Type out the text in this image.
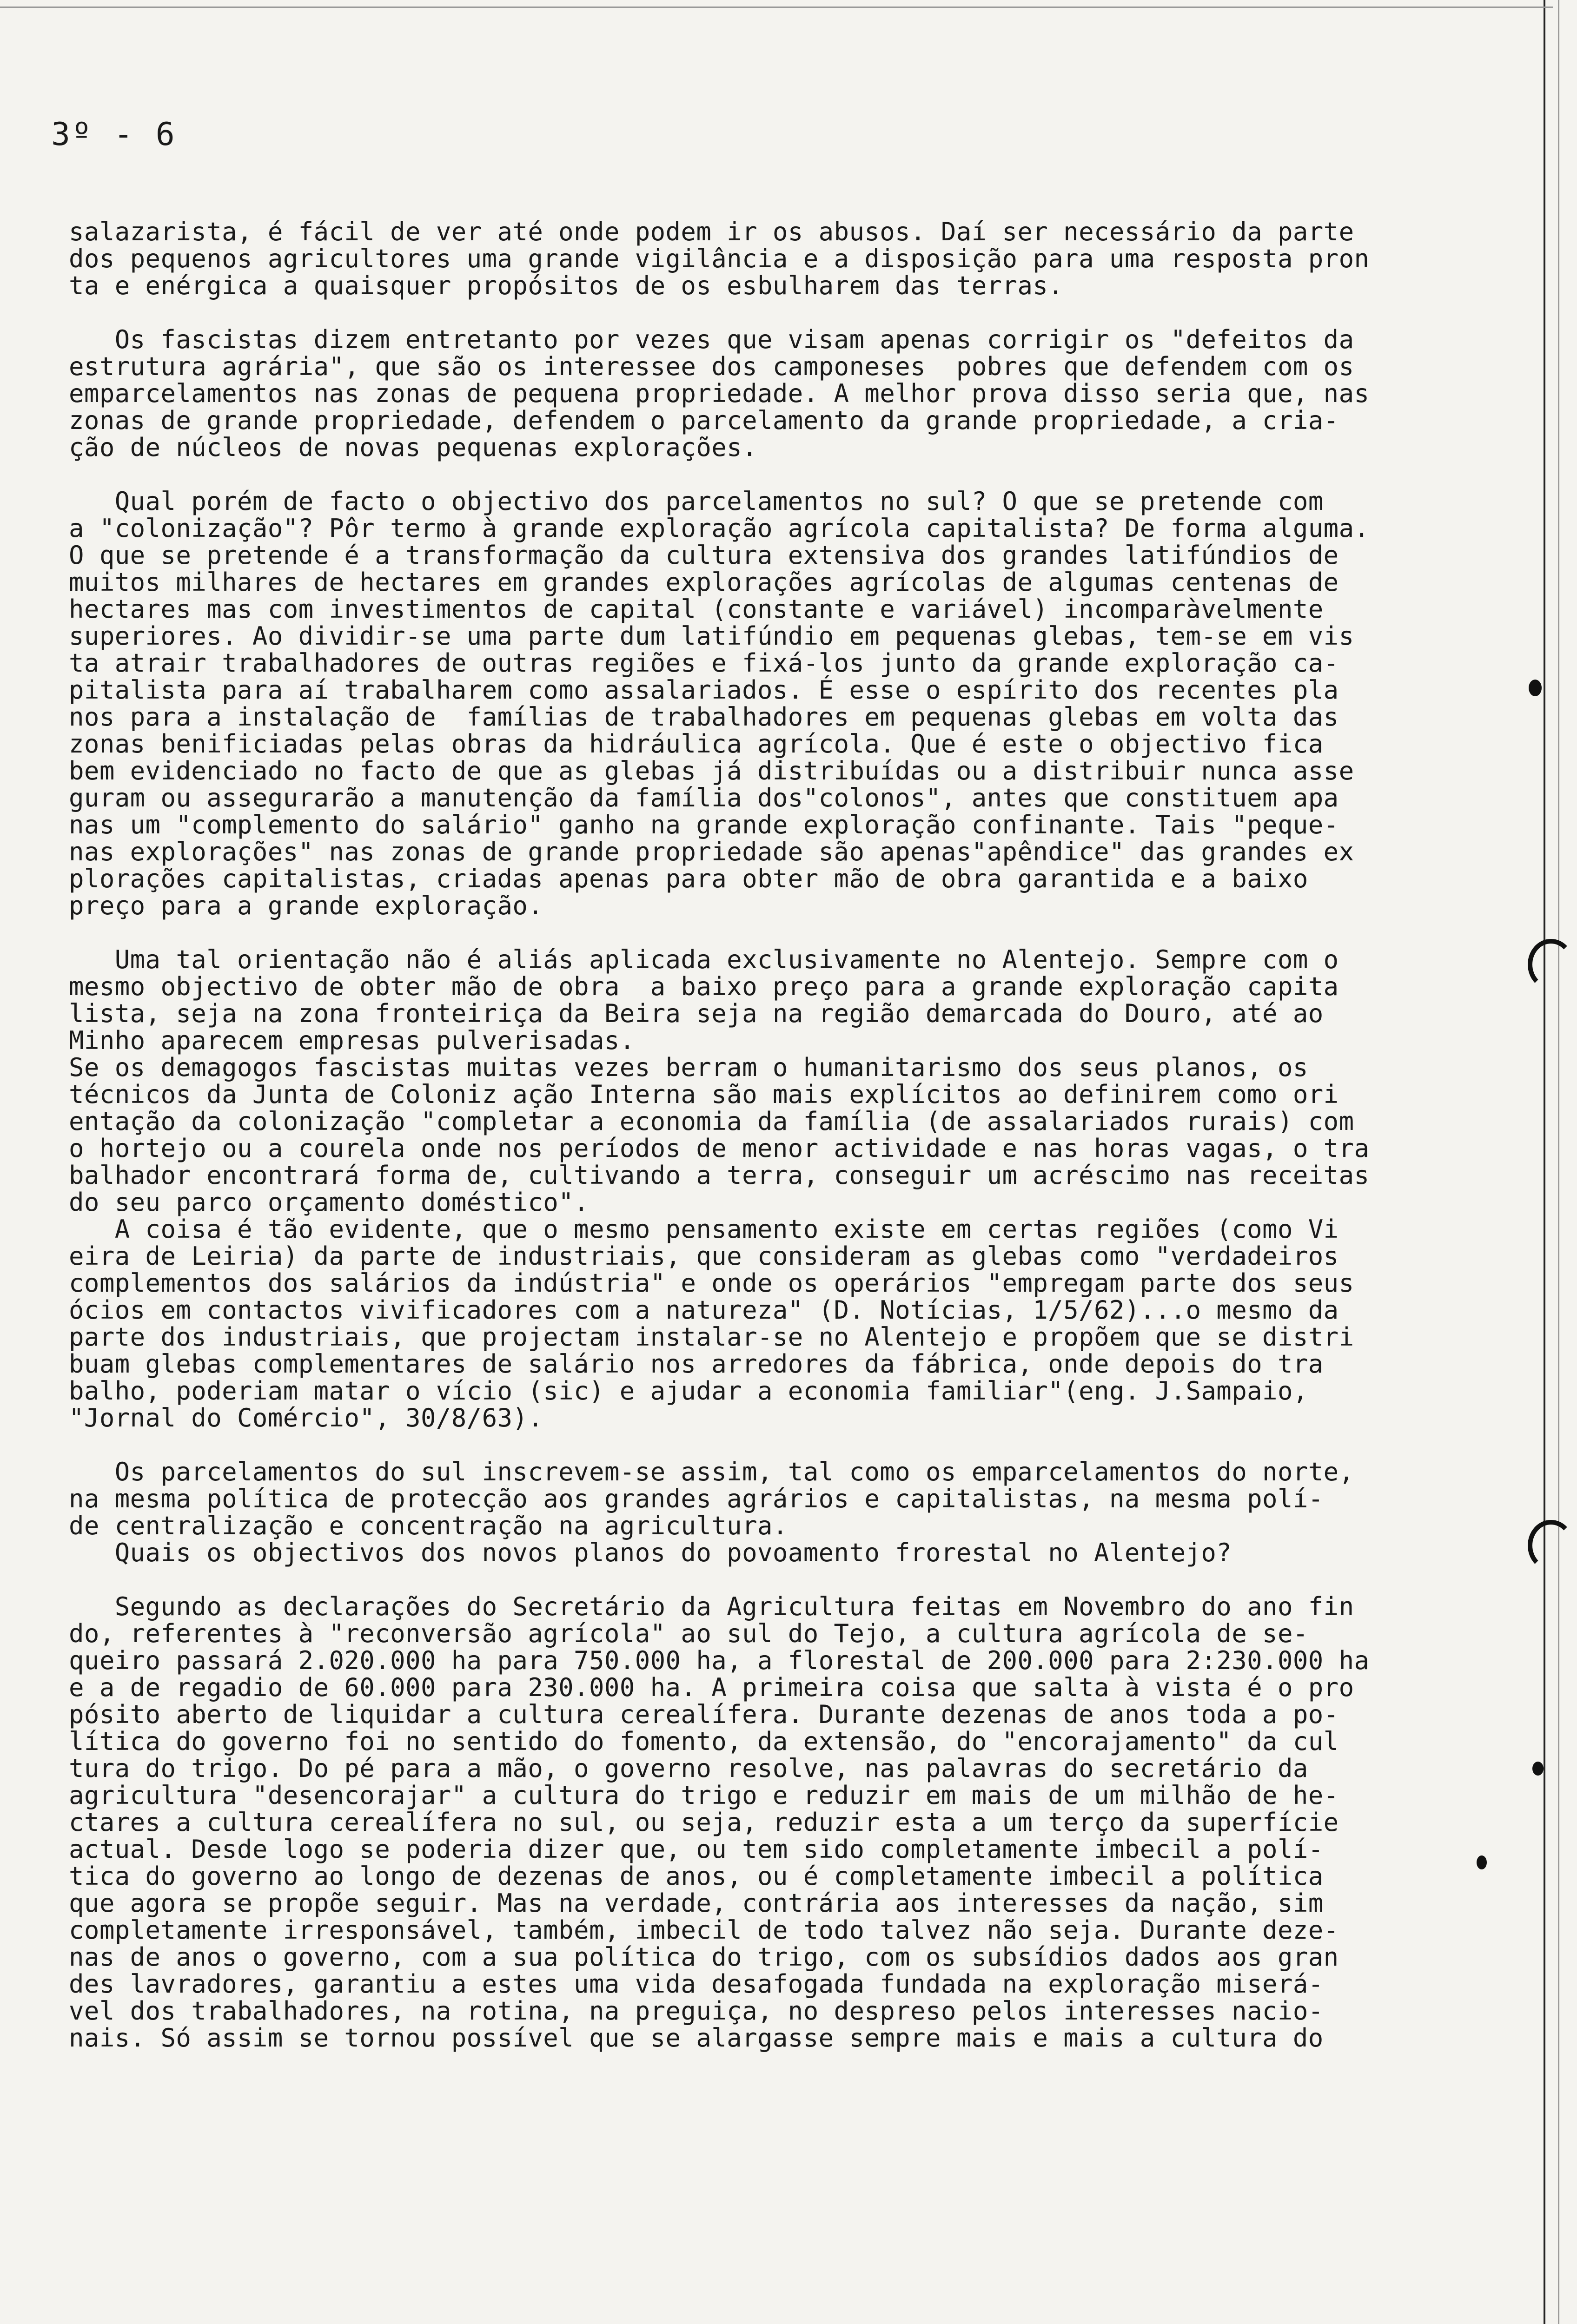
3º - 6
salazarista, é fácil de ver até onde podem ir os abusos. Daí ser necessário da parte
dos pequenos agricultores uma grande vigilância e a disposição para uma resposta pron
ta e enérgica a quaisquer propósitos de os esbulharem das terras.
Os fascistas dizem entretanto por vezes que visam apenas corrigir os "defeitos da
estrutura agrária", que são os interessee dos camponeses  pobres que defendem com os
emparcelamentos nas zonas de pequena propriedade. A melhor prova disso seria que, nas
zonas de grande propriedade, defendem o parcelamento da grande propriedade, a cria-
ção de núcleos de novas pequenas explorações.
Qual porém de facto o objectivo dos parcelamentos no sul? O que se pretende com
a "colonização"? Pôr termo à grande exploração agrícola capitalista? De forma alguma.
O que se pretende é a transformação da cultura extensiva dos grandes latifúndios de
muitos milhares de hectares em grandes explorações agrícolas de algumas centenas de
hectares mas com investimentos de capital (constante e variável) incomparàvelmente
superiores. Ao dividir-se uma parte dum latifúndio em pequenas glebas, tem-se em vis
ta atrair trabalhadores de outras regiões e fixá-los junto da grande exploração ca-
pitalista para aí trabalharem como assalariados. É esse o espírito dos recentes pla
nos para a instalação de  famílias de trabalhadores em pequenas glebas em volta das
zonas benificiadas pelas obras da hidráulica agrícola. Que é este o objectivo fica
bem evidenciado no facto de que as glebas já distribuídas ou a distribuir nunca asse
guram ou assegurarão a manutenção da família dos"colonos", antes que constituem apa
nas um "complemento do salário" ganho na grande exploração confinante. Tais "peque-
nas explorações" nas zonas de grande propriedade são apenas"apêndice" das grandes ex
plorações capitalistas, criadas apenas para obter mão de obra garantida e a baixo
preço para a grande exploração.
Uma tal orientação não é aliás aplicada exclusivamente no Alentejo. Sempre com o
mesmo objectivo de obter mão de obra  a baixo preço para a grande exploração capita
lista, seja na zona fronteiriça da Beira seja na região demarcada do Douro, até ao
Minho aparecem empresas pulverisadas.
Se os demagogos fascistas muitas vezes berram o humanitarismo dos seus planos, os
técnicos da Junta de Coloniz ação Interna são mais explícitos ao definirem como ori
entação da colonização "completar a economia da família (de assalariados rurais) com
o hortejo ou a courela onde nos períodos de menor actividade e nas horas vagas, o tra
balhador encontrará forma de, cultivando a terra, conseguir um acréscimo nas receitas
do seu parco orçamento doméstico".
A coisa é tão evidente, que o mesmo pensamento existe em certas regiões (como Vi
eira de Leiria) da parte de industriais, que consideram as glebas como "verdadeiros
complementos dos salários da indústria" e onde os operários "empregam parte dos seus
ócios em contactos vivificadores com a natureza" (D. Notícias, 1/5/62)...o mesmo da
parte dos industriais, que projectam instalar-se no Alentejo e propõem que se distri
buam glebas complementares de salário nos arredores da fábrica, onde depois do tra
balho, poderiam matar o vício (sic) e ajudar a economia familiar"(eng. J.Sampaio,
"Jornal do Comércio", 30/8/63).
Os parcelamentos do sul inscrevem-se assim, tal como os emparcelamentos do norte,
na mesma política de protecção aos grandes agrários e capitalistas, na mesma polí-
de centralização e concentração na agricultura.
Quais os objectivos dos novos planos do povoamento frorestal no Alentejo?
Segundo as declarações do Secretário da Agricultura feitas em Novembro do ano fin
do, referentes à "reconversão agrícola" ao sul do Tejo, a cultura agrícola de se-
queiro passará 2.020.000 ha para 750.000 ha, a florestal de 200.000 para 2:230.000 ha
e a de regadio de 60.000 para 230.000 ha. A primeira coisa que salta à vista é o pro
pósito aberto de liquidar a cultura cerealífera. Durante dezenas de anos toda a po-
lítica do governo foi no sentido do fomento, da extensão, do "encorajamento" da cul
tura do trigo. Do pé para a mão, o governo resolve, nas palavras do secretário da
agricultura "desencorajar" a cultura do trigo e reduzir em mais de um milhão de he-
ctares a cultura cerealífera no sul, ou seja, reduzir esta a um terço da superfície
actual. Desde logo se poderia dizer que, ou tem sido completamente imbecil a polí-
tica do governo ao longo de dezenas de anos, ou é completamente imbecil a política
que agora se propõe seguir. Mas na verdade, contrária aos interesses da nação, sim
completamente irresponsável, também, imbecil de todo talvez não seja. Durante deze-
nas de anos o governo, com a sua política do trigo, com os subsídios dados aos gran
des lavradores, garantiu a estes uma vida desafogada fundada na exploração miserá-
vel dos trabalhadores, na rotina, na preguiça, no despreso pelos interesses nacio-
nais. Só assim se tornou possível que se alargasse sempre mais e mais a cultura do
